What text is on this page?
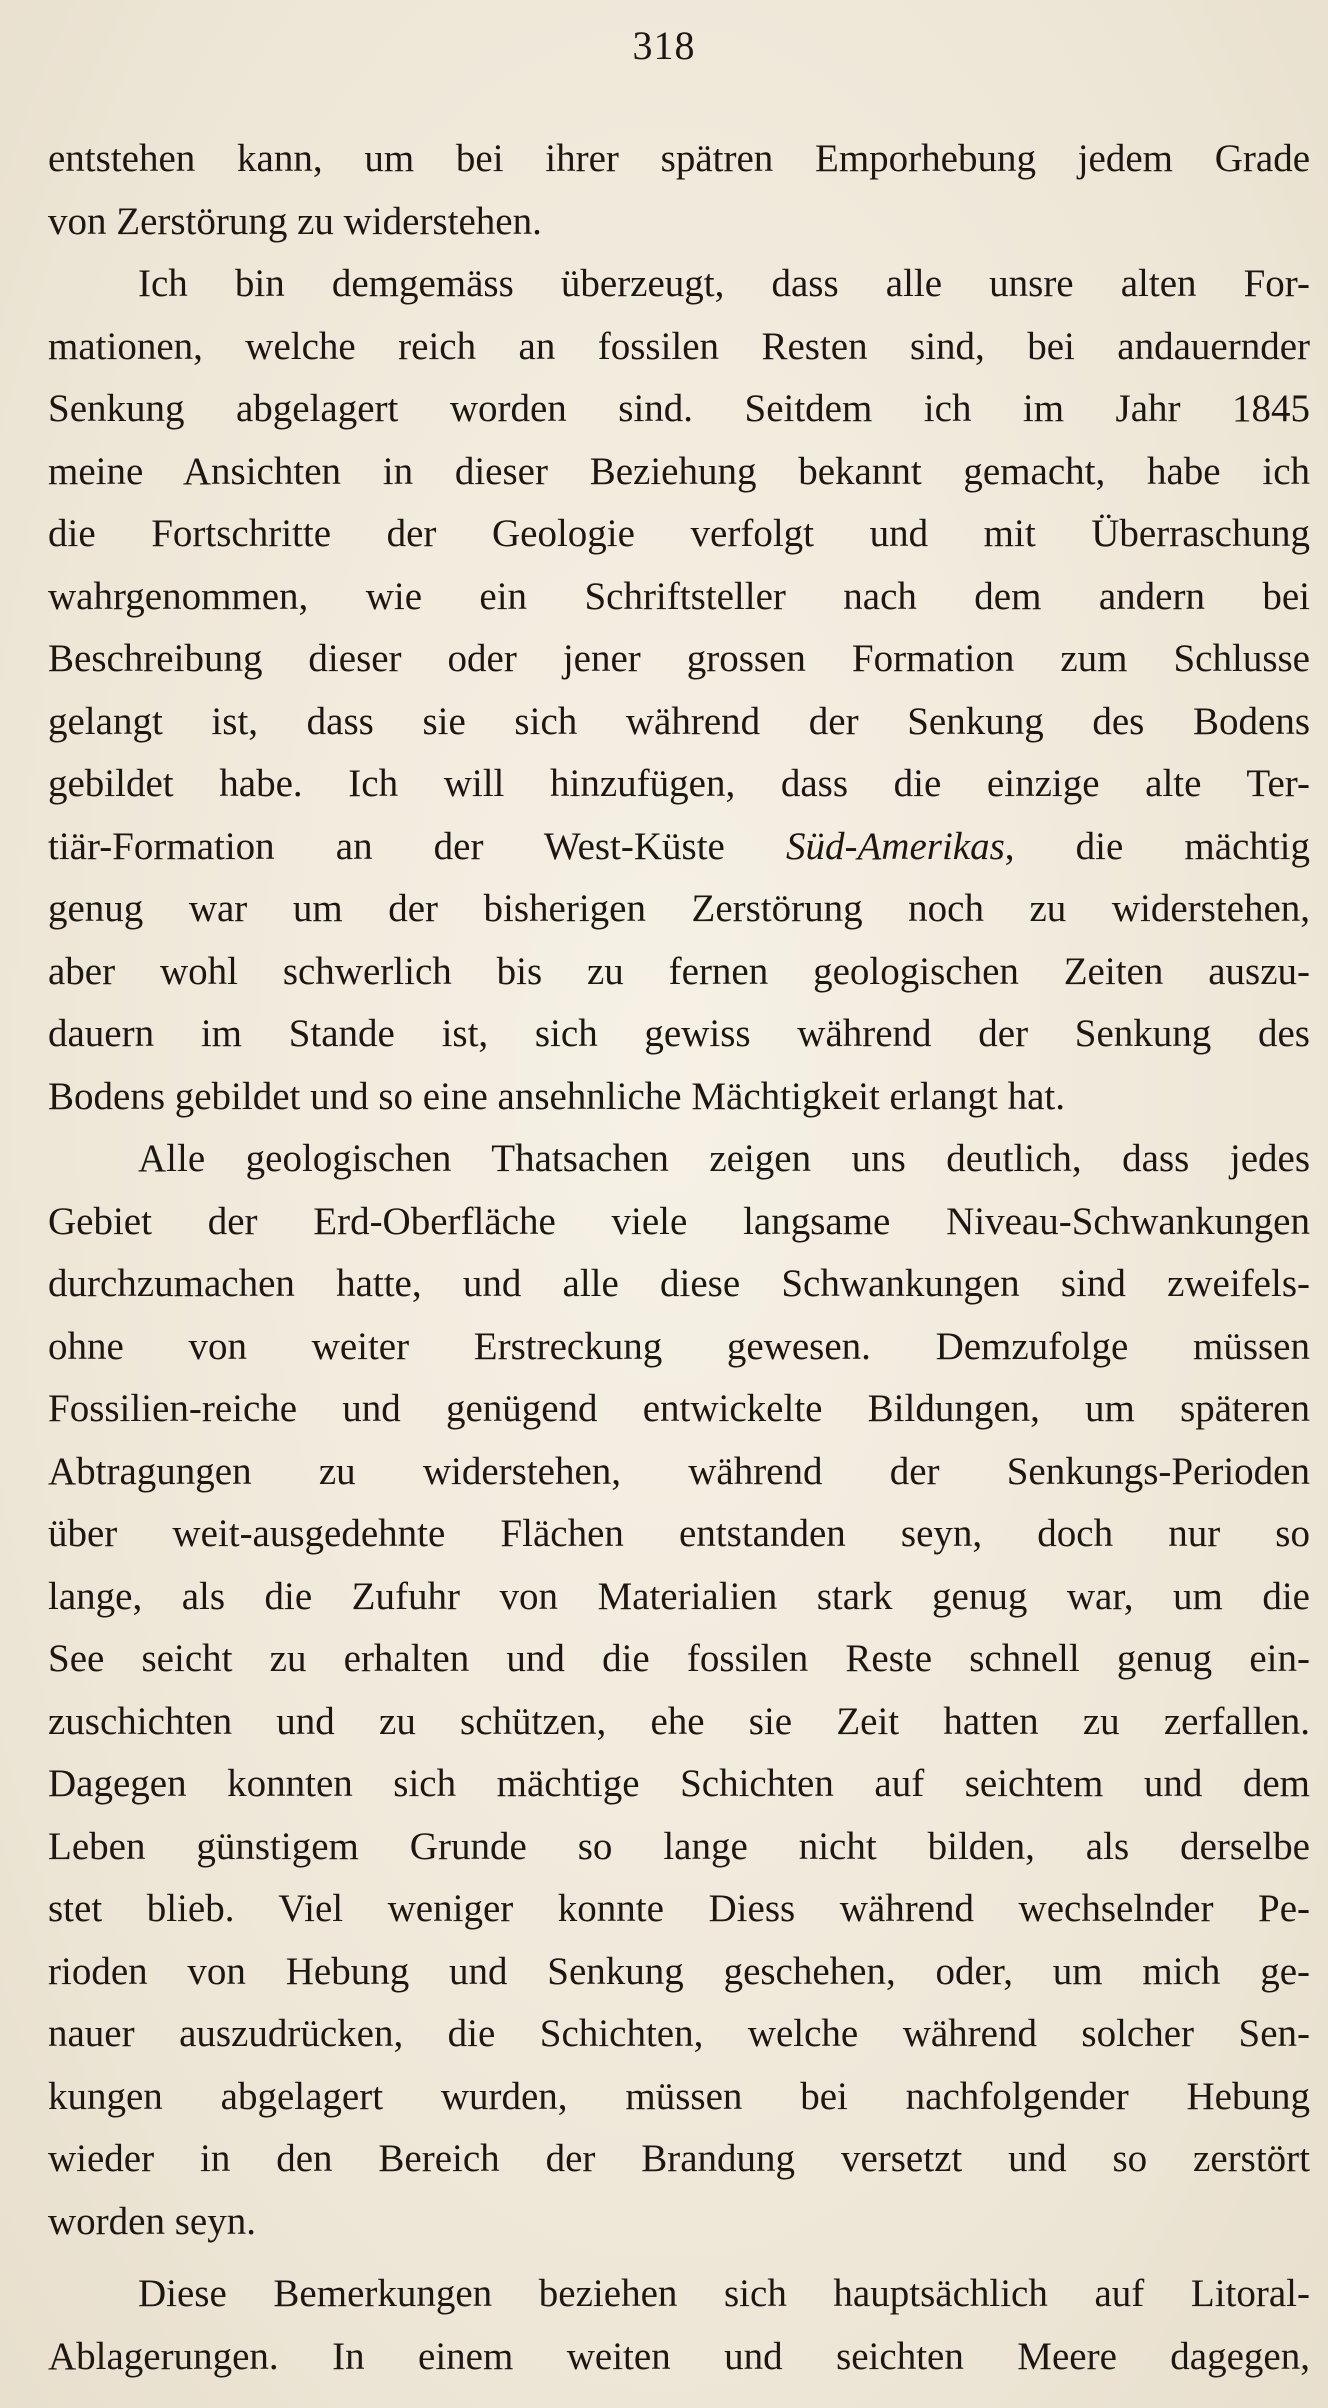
318
entstehen kann, um bei ihrer spätren Emporhebung jedem Grade
von Zerstörung zu widerstehen.
Ich bin demgemäss überzeugt, dass alle unsre alten For-
mationen, welche reich an fossilen Resten sind, bei andauernder
Senkung abgelagert worden sind. Seitdem ich im Jahr 1845
meine Ansichten in dieser Beziehung bekannt gemacht, habe ich
die Fortschritte der Geologie verfolgt und mit Überraschung
wahrgenommen, wie ein Schriftsteller nach dem andern bei
Beschreibung dieser oder jener grossen Formation zum Schlusse
gelangt ist, dass sie sich während der Senkung des Bodens
gebildet habe. Ich will hinzufügen, dass die einzige alte Ter-
tiär-Formation an der West-Küste Süd-Amerikas, die mächtig
genug war um der bisherigen Zerstörung noch zu widerstehen,
aber wohl schwerlich bis zu fernen geologischen Zeiten auszu-
dauern im Stande ist, sich gewiss während der Senkung des
Bodens gebildet und so eine ansehnliche Mächtigkeit erlangt hat.
Alle geologischen Thatsachen zeigen uns deutlich, dass jedes
Gebiet der Erd-Oberfläche viele langsame Niveau-Schwankungen
durchzumachen hatte, und alle diese Schwankungen sind zweifels-
ohne von weiter Erstreckung gewesen. Demzufolge müssen
Fossilien-reiche und genügend entwickelte Bildungen, um späteren
Abtragungen zu widerstehen, während der Senkungs-Perioden
über weit-ausgedehnte Flächen entstanden seyn, doch nur so
lange, als die Zufuhr von Materialien stark genug war, um die
See seicht zu erhalten und die fossilen Reste schnell genug ein-
zuschichten und zu schützen, ehe sie Zeit hatten zu zerfallen.
Dagegen konnten sich mächtige Schichten auf seichtem und dem
Leben günstigem Grunde so lange nicht bilden, als derselbe
stet blieb. Viel weniger konnte Diess während wechselnder Pe-
rioden von Hebung und Senkung geschehen, oder, um mich ge-
nauer auszudrücken, die Schichten, welche während solcher Sen-
kungen abgelagert wurden, müssen bei nachfolgender Hebung
wieder in den Bereich der Brandung versetzt und so zerstört
worden seyn.
Diese Bemerkungen beziehen sich hauptsächlich auf Litoral-
Ablagerungen. In einem weiten und seichten Meere dagegen,
